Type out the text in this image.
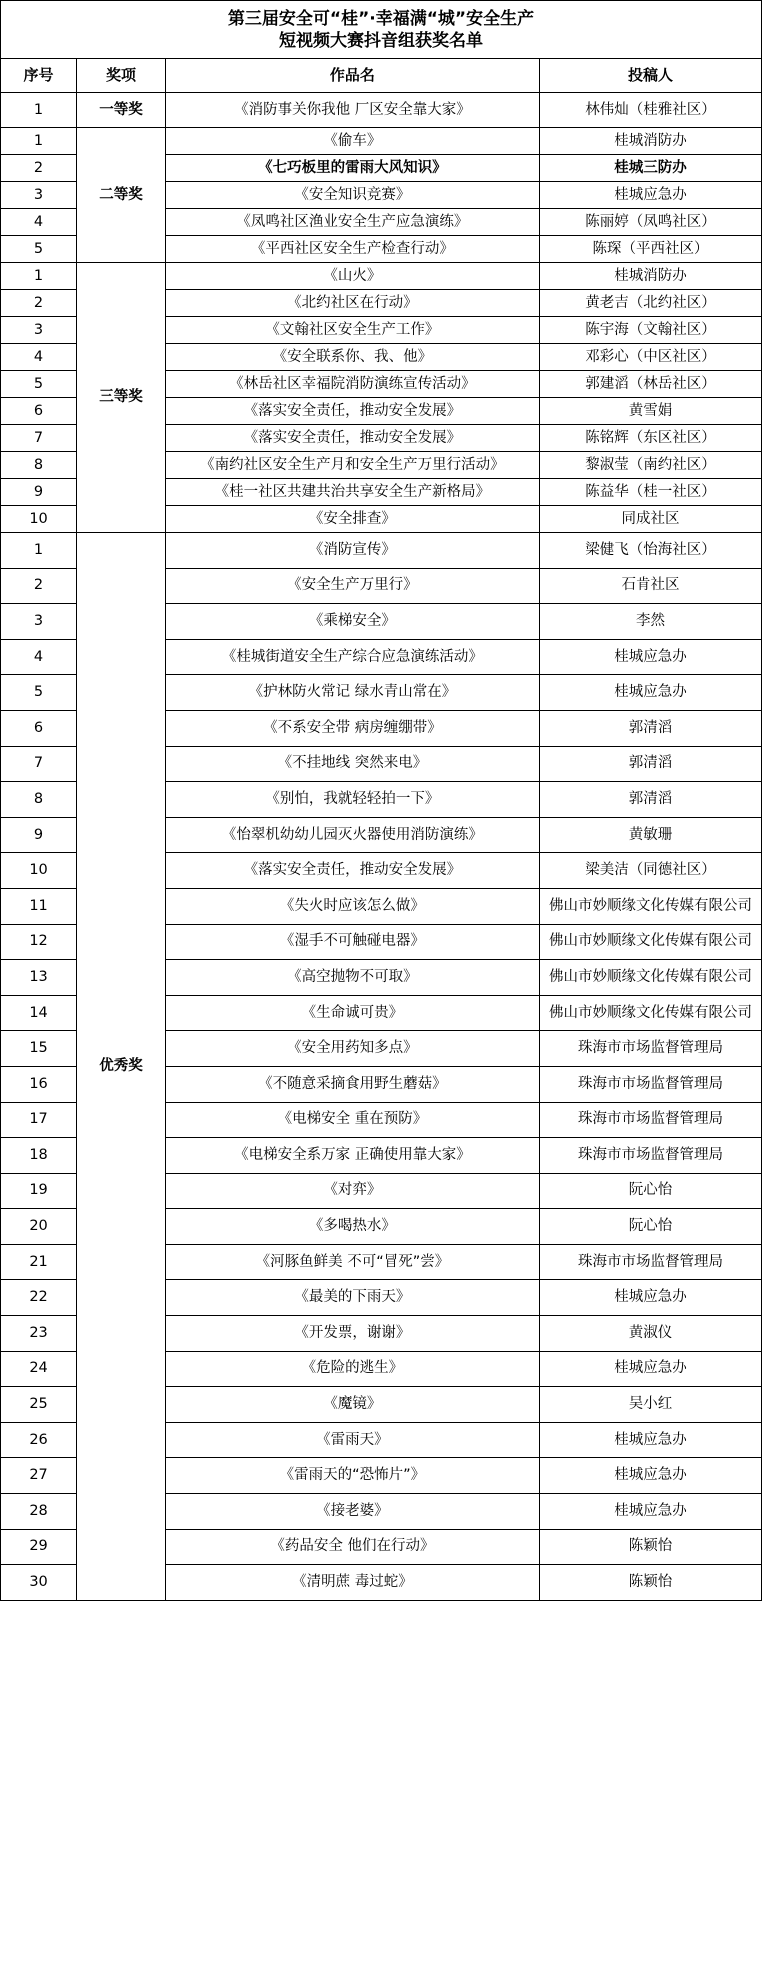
第三届安全可“桂”·幸福满“城”安全生产
短视频大赛抖音组获奖名单			

序号	奖项	作品名	投稿人
1	一等奖	《消防事关你我他 厂区安全靠大家》	林伟灿（桂雅社区）
1	二等奖	《偷车》	桂城消防办
2		《七巧板里的雷雨大风知识》	桂城三防办
3		《安全知识竞赛》	桂城应急办
4		《凤鸣社区渔业安全生产应急演练》	陈丽婷（凤鸣社区）
5		《平西社区安全生产检查行动》	陈琛（平西社区）
1	三等奖	《山火》	桂城消防办
2		《北约社区在行动》	黄老吉（北约社区）
3		《文翰社区安全生产工作》	陈宇海（文翰社区）
4		《安全联系你、我、他》	邓彩心（中区社区）
5		《林岳社区幸福院消防演练宣传活动》	郭建滔（林岳社区）
6		《落实安全责任，推动安全发展》	黄雪娟
7		《落实安全责任，推动安全发展》	陈铭辉（东区社区）
8		《南约社区安全生产月和安全生产万里行活动》	黎淑莹（南约社区）
9		《桂一社区共建共治共享安全生产新格局》	陈益华（桂一社区）
10		《安全排查》	同成社区
1	优秀奖	《消防宣传》	梁健飞（怡海社区）
2		《安全生产万里行》	石肯社区
3		《乘梯安全》	李然
4		《桂城街道安全生产综合应急演练活动》	桂城应急办
5		《护林防火常记 绿水青山常在》	桂城应急办
6		《不系安全带 病房缠绷带》	郭清滔
7		《不挂地线 突然来电》	郭清滔
8		《别怕，我就轻轻拍一下》	郭清滔
9		《怡翠机幼幼儿园灭火器使用消防演练》	黄敏珊
10		《落实安全责任，推动安全发展》	梁美洁（同德社区）
11		《失火时应该怎么做》	佛山市妙顺缘文化传媒有限公司
12		《湿手不可触碰电器》	佛山市妙顺缘文化传媒有限公司
13		《高空抛物不可取》	佛山市妙顺缘文化传媒有限公司
14		《生命诚可贵》	佛山市妙顺缘文化传媒有限公司
15		《安全用药知多点》	珠海市市场监督管理局
16		《不随意采摘食用野生蘑菇》	珠海市市场监督管理局
17		《电梯安全 重在预防》	珠海市市场监督管理局
18		《电梯安全系万家 正确使用靠大家》	珠海市市场监督管理局
19		《对弈》	阮心怡
20		《多喝热水》	阮心怡
21		《河豚鱼鲜美 不可“冒死”尝》	珠海市市场监督管理局
22		《最美的下雨天》	桂城应急办
23		《开发票，谢谢》	黄淑仪
24		《危险的逃生》	桂城应急办
25		《魔镜》	吴小红
26		《雷雨天》	桂城应急办
27		《雷雨天的“恐怖片”》	桂城应急办
28		《接老婆》	桂城应急办
29		《药品安全 他们在行动》	陈颖怡
30		《清明蔗 毒过蛇》	陈颖怡
